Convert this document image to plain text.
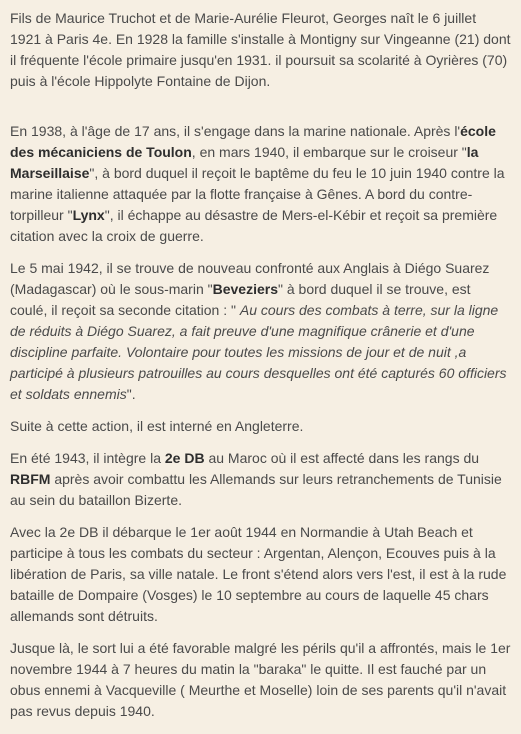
Fils de Maurice Truchot et de Marie-Aurélie Fleurot, Georges naît le 6 juillet 1921 à Paris 4e. En 1928 la famille s'installe à Montigny sur Vingeanne (21) dont il fréquente l'école primaire jusqu'en 1931. il poursuit sa scolarité à Oyrières (70) puis à l'école Hippolyte Fontaine de Dijon.

En 1938, à l'âge de 17 ans, il s'engage dans la marine nationale. Après l'école des mécaniciens de Toulon, en mars 1940, il embarque sur le croiseur "la Marseillaise", à bord duquel il reçoit le baptême du feu le 10 juin 1940 contre la marine italienne attaquée par la flotte française à Gênes. A bord du contre-torpilleur "Lynx", il échappe au désastre de Mers-el-Kébir et reçoit sa première citation avec la croix de guerre.

Le 5 mai 1942, il se trouve de nouveau confronté aux Anglais à Diégo Suarez (Madagascar) où le sous-marin "Beveziers" à bord duquel il se trouve, est coulé, il reçoit sa seconde citation : " Au cours des combats à terre, sur la ligne de réduits à Diégo Suarez, a fait preuve d'une magnifique crânerie et d'une discipline parfaite. Volontaire pour toutes les missions de jour et de nuit ,a participé à plusieurs patrouilles au cours desquelles ont été capturés 60 officiers et soldats ennemis".

Suite à cette action, il est interné en Angleterre.

En été 1943, il intègre la 2e DB au Maroc où il est affecté dans les rangs du RBFM après avoir combattu les Allemands sur leurs retranchements de Tunisie au sein du bataillon Bizerte.

Avec la 2e DB il débarque le 1er août 1944 en Normandie à Utah Beach et participe à tous les combats du secteur : Argentan, Alençon, Ecouves puis à la libération de Paris, sa ville natale. Le front s'étend alors vers l'est, il est à la rude bataille de Dompaire (Vosges) le 10 septembre au cours de laquelle 45 chars allemands sont détruits.

Jusque là, le sort lui a été favorable malgré les périls qu'il a affrontés, mais le 1er novembre 1944 à 7 heures du matin la "baraka" le quitte. Il est fauché par un obus ennemi à Vacqueville ( Meurthe et Moselle) loin de ses parents qu'il n'avait pas revus depuis 1940.
